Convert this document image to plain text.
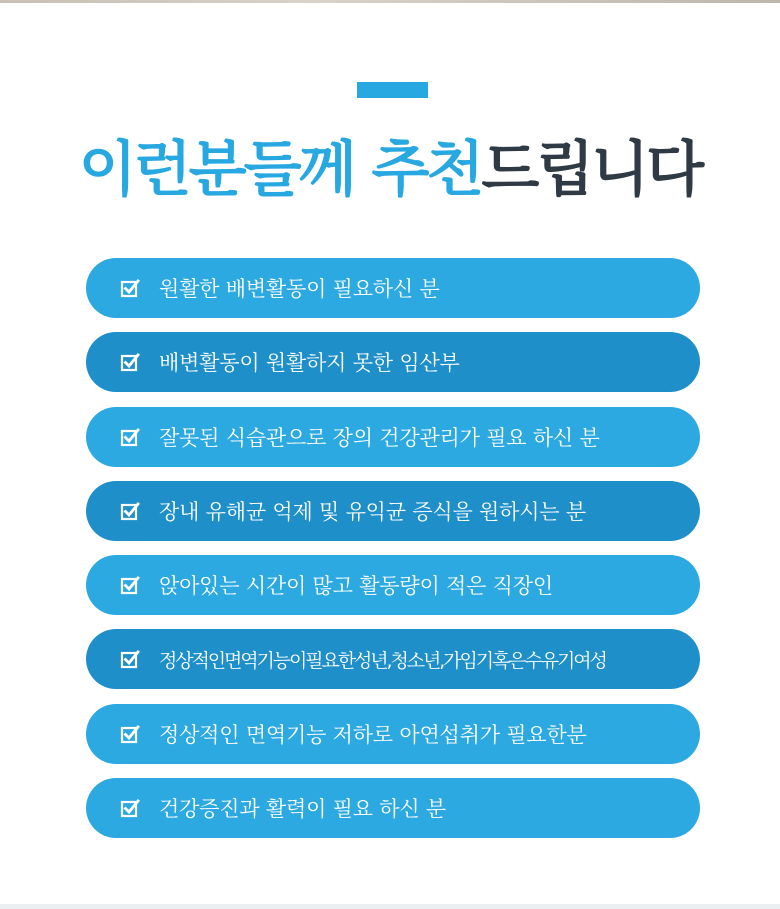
이런분들께 추천드립니다
원활한 배변활동이 필요하신 분
배변활동이 원활하지 못한 임산부
잘못된 식습관으로 장의 건강관리가 필요 하신 분
장내 유해균 억제 및 유익균 증식을 원하시는 분
앉아있는 시간이 많고 활동량이 적은 직장인
정상적인면역기능이필요한성년,청소년,가임기혹은수유기여성
정상적인 면역기능 저하로 아연섭취가 필요한분
건강증진과 활력이 필요 하신 분
